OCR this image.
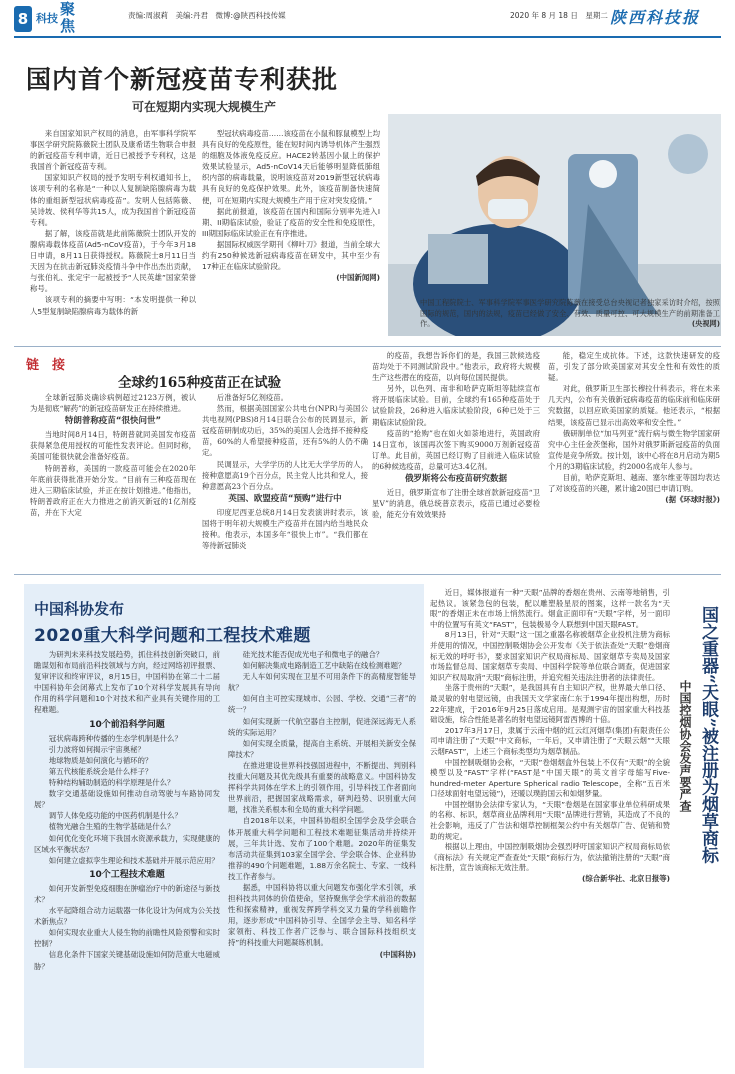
8 科技
聚焦
责编:周淑莉　美编:丹君　微博:@陕西科技传媒	2020 年 8 月 18 日　星期二 陕西科技报
国内首个新冠疫苗专利获批
可在短期内实现大规模生产

来自国家知识产权局的消息，由军事科学院军事医学研究院陈薇院士团队及康希诺生物联合申报的新冠疫苗专利申请，近日已被授予专利权，这是我国首个新冠疫苗专利。

国家知识产权局的授予发明专利权通知书上，该项专利的名称是“一种以人复制缺陷腺病毒为载体的重组新型冠状病毒疫苗”。发明人包括陈薇、吴诗坡、侯利华等共15人，成为我国首个新冠疫苗专利。

据了解，该疫苗就是此前陈薇院士团队开发的腺病毒载体疫苗(Ad5-nCoV疫苗)，于今年3月18日申请，8月11日获得授权。陈薇院士8月11日当天因为在抗击新冠肺炎疫情斗争中作出杰出贡献，与张伯礼、张定宇一起被授予“人民英雄”国家荣誉称号。

该项专利的摘要中写明：“本发明提供一种以人5型复制缺陷腺病毒为载体的新

型冠状病毒疫苗……该疫苗在小鼠和豚鼠模型上均具有良好的免疫原性，能在短时间内诱导机体产生强烈的细胞及体液免疫反应。HACE2转基因小鼠上的保护效果试验显示，Ad5-nCoV14天后能够明显降低肺组织内部的病毒载量，说明该疫苗对2019新型冠状病毒具有良好的免疫保护效果。此外，该疫苗制备快速简便，可在短期内实现大规模生产用于应对突发疫情。”

据此前报道，该疫苗在国内和国际分别率先进入I期、II期临床试验，验证了疫苗的安全性和免疫原性，III期国际临床试验正在有序推进。

据国际权威医学期刊《柳叶刀》报道，当前全球大约有250种候选新冠病毒疫苗在研发中，其中至少有17种正在临床试验阶段。

(中国新闻网)
中国工程院院士、军事科学院军事医学研究院陈薇在接受总台央视记者独家采访时介绍，按照国际的规范，国内的法规，疫苗已经做了安全、有效、质量可控、可大规模生产的前期准备工作。	(央视网)
链　接
全球约165种疫苗正在试验

全球新冠肺炎确诊病例超过2123万例，被认为是彻底“解药”的新冠疫苗研发正在持续推进。

特朗普称疫苗“很快问世”

当地时间8月14日，特朗普就同美国发布疫苗获得紧急使用授权的可能性发表评论。但同时称，美国可能很快就会准备好疫苗。

特朗普称，美国的一款疫苗可能会在2020年年底前获得批准开始分发。“目前有三种疫苗现在进入三期临床试验，并正在按计划推进。”他指出，特朗普政府正在大力推进之前消灭新冠的1亿剂疫苗，并在下大定

后准备好5亿剂疫苗。

然而，根据美国国家公共电台(NPR)与美国公共电视网(PBS)8月14日联合公布的民调显示，新冠疫苗研制成功后，35%的美国人会选择不接种疫苗，60%的人希望接种疫苗，还有5%的人仍不确定。

民调显示，大学学历的人比无大学学历的人，接种意愿高19个百分点，民主党人比共和党人，接种意愿高23个百分点。

英国、欧盟疫苗“预购”进行中

印度尼西亚总统8月14日发表演讲时表示，该国将于明年初大规模生产疫苗并在国内给当地民众接种。他表示，本国多年“很快上市”。“我们都在等待新冠肺炎

的疫苗，我想告诉你们的是，我国三款候选疫苗均处于不同测试阶段中。”他表示，政府将大规模生产这些潜在的疫苗，以向每位国民提供。

另外，以色列、南非和哈萨克斯坦等陆续宣布将开展临床试验。目前，全球约有165种疫苗处于试验阶段，26种进入临床试验阶段，6种已处于三期临床试验阶段。

疫苗的“抢购”也在如火如荼地进行，英国政府14日宣布，该国再次签下购买9000万剂新冠疫苗订单。此目前，英国已经订购了目前进入临床试验的6种候选疫苗，总量可达3.4亿剂。

俄罗斯将公布疫苗研究数据

近日，俄罗斯宣布了注册全球首款新冠疫苗“卫星V”的消息，俄总统普京表示，疫苗已通过必要检验，能充分有效效果持

能，稳定生成抗体。下述，这款快速研发的疫苗，引发了部分欧美国家对其安全性和有效性的质疑。

对此，俄罗斯卫生部长穆拉什科表示，将在未来几天内，公布有关俄新冠病毒疫苗的临床前和临床研究数据，以回应欧美国家的质疑。他还表示，“根据结果，该疫苗已显示出高效率和安全性。”

俄研制单位“加马列亚”流行病与微生物学国家研究中心主任金茨堡称，国外对俄罗斯新冠疫苗的负面宣传是竞争所致。按计划，该中心将在8月启动为期5个月的3期临床试验，约2000名成年人参与。

目前，哈萨克斯坦、越南、塞尔维亚等国均表达了对该疫苗的兴趣，累计逾20国已申请订购。

(据《环球时报》)
中国科协发布
2020重大科学问题和工程技术难题

为研判未来科技发展趋势，抓住科技创新突破口，前瞻谋划和布局前沿科技领域与方向，经过网络初评报票、复审评议和终审评议，8月15日，中国科协在第二十二届中国科协年会闭幕式上发布了10个对科学发展具有导向作用的科学问题和10个对技术和产业具有关键作用的工程难题。

10个前沿科学问题
冠状病毒跨种传播的生态学机制是什么？
引力波将如何揭示宇宙奥秘？
地球物质是如何演化与循环的？
第五代核能系统会是什么样子？
特种结构辅助制造的科学原理是什么？
数字交通基础设施如何推动自动驾驶与车路协同发展？
调节人体免疫功能的中医药机制是什么？
植物光融合生殖的生物学基础是什么？
如何优化变化环境下我国水资源承载力，实现健康的区域水平衡状态？
如何建立虚拟孪生理论和技术基础并开展示范应用？
10个工程技术难题
如何开发新型免疫细胞在肿瘤治疗中的新途径与新技术？
水平起降组合动力运载器一体化设计为何成为公关技术新焦点？
如何实现农业重大人侵生物的前瞻性风险预警和实时控制？
信息化条件下国家关键基础设施如何防范重大电磁威胁？
硅光技术能否促成光电子和微电子的融合？
如何解决集成电路制造工艺中缺陷在线检测难题？
无人车如何实现在卫星不可用条件下的高精度智能导航？
如何自主可控实现城市、公园、学校、交通“三者”的统一？
如何实现新一代航空器自主控制，促进深远海无人系统的实际运用？
如何实现全质量，提高自主系统、开展相关新安全保障技术？

在推进建设世界科技强国进程中，不断提出、判别科技重大问题及其优先级具有重要的战略意义。中国科协发挥科学共同体在学术上的引领作用，引导科技工作者面向世界前沿，把握国家战略需求，研判趋势、识别重大问题，找准关系根本和全局的重大科学问题。

自2018年以来，中国科协组织全国学会及学会联合体开展重大科学问题和工程技术难题征集活动并持续开展，三年共计选、发布了100个难题。2020年的征集发布活动共征集到103家全国学会、学会联合体、企业科协推荐的490个问题难题，1.88万余名院士、专家、一线科技工作者参与。

据悉，中国科协将以重大问题发布强化学术引领，承担科技共同体的价值使命，坚持聚焦学会学术前沿的数据性和探索精神，重视发挥跨学科交叉力量的学科前瞻作用，逐步形成“中国科协引导、全国学会主导、知名科学家领衔、科技工作者广泛参与、联合国际科技组织支持”的科技重大问题凝练机制。

(中国科协)

近日，媒体报道有一种“天眼”品牌的香烟在贵州、云南等地销售，引起热议。该紧急包的包装，配以雕塑般星辰的图案，这样一款名为“天眼”的香烟正未在市场上悄然流行。烟盒正面印有“天眼”字样，另一面印中的位置写有英文“FAST”，包装极易令人联想到中国天眼FAST。

8月13日，针对“天眼”这一国之重器名称被烟草企业投机注册为商标并使用的情况，中国控制吸烟协会公开发布《关于依法查处“天眼”卷烟商标无效的呼吁书》，要求国家知识产权局商标局、国家烟草专卖局及国家市场监督总局、国家烟草专卖局、中国科学院等单位联合调查，促进国家知识产权局取消“天眼”商标注册，并追究相关违法注册者的法律责任。

坐落于贵州的“天眼”，是我国具有自主知识产权，世界最大单口径、最灵敏的射电望远镜，由我国天文学家南仁东于1994年提出构想，历时22年建成，于2016年9月25日落成启用。是观测宇宙的国家重大科技基础设施，综合性能是著名的射电望远镜阿雷西博的十倍。

2017年3月17日，隶属于云南中烟的红云红河烟草(集团)有限责任公司申请注册了“天眼”中文商标，一年后，又申请注册了“天眼云烟”“天眼云烟FAST”，上述三个商标类型均为烟草制品。

中国控制吸烟协会称，“天眼”卷烟烟盒外包装上不仅有“天眼”的全貌模型以及“FAST”字样(“FAST是”中国天眼”的英文首字母缩写Five-hundred-meter Aperture Spherical radio Telescope，全称“五百米口径球面射电望远镜”)，还暖以璞韵国云和如烟梦量。

中国控烟协会法律专家认为，“天眼”卷烟是在国家事业单位科研成果的名称、标识，烟草商业品牌利用“天眼”品牌进行营销，其造成了不良的社会影响，违反了广告法和烟草控制框架公约中有关烟草广告、促销和赞助的规定。

根据以上理由，中国控制吸烟协会强烈呼吁国家知识产权局商标局依《商标法》有关规定严查查处“天眼”商标行为，依法撤销注册的“天眼”商标注册，宣告该商标无效注册。

(综合新华社、北京日报等)
国之重器“天眼”被注册为烟草商标
中国控烟协会发声要严查
